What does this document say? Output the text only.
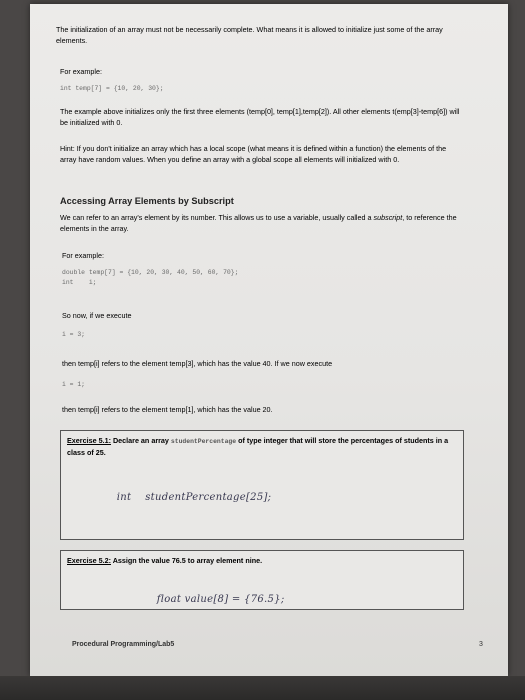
The initialization of an array must not be necessarily complete. What means it is allowed to initialize just some of the array elements.

For example:

int temp[7] = {10, 20, 30};

The example above initializes only the first three elements (temp[0], temp[1],temp[2]). All other elements t(emp[3]-temp[6]) will be initialized with 0.

Hint: If you don't initialize an array which has a local scope (what means it is defined within a function) the elements of the array have random values. When you define an array with a global scope all elements will initialized with 0.

Accessing Array Elements by Subscript

We can refer to an array's element by its number. This allows us to use a variable, usually called a subscript, to reference the elements in the array.

For example:

double temp[7] = {10, 20, 30, 40, 50, 60, 70};
int    i;

So now, if we execute

i = 3;

then temp[i] refers to the element temp[3], which has the value 40. If we now execute

i = 1;

then temp[i] refers to the element temp[1], which has the value 20.

Exercise 5.1: Declare an array studentPercentage of type integer that will store the percentages of students in a class of 25.

int    studentPercentage[25];

Exercise 5.2: Assign the value 76.5 to array element nine.

float value[8] = {76.5};

Procedural Programming/Lab5	3
